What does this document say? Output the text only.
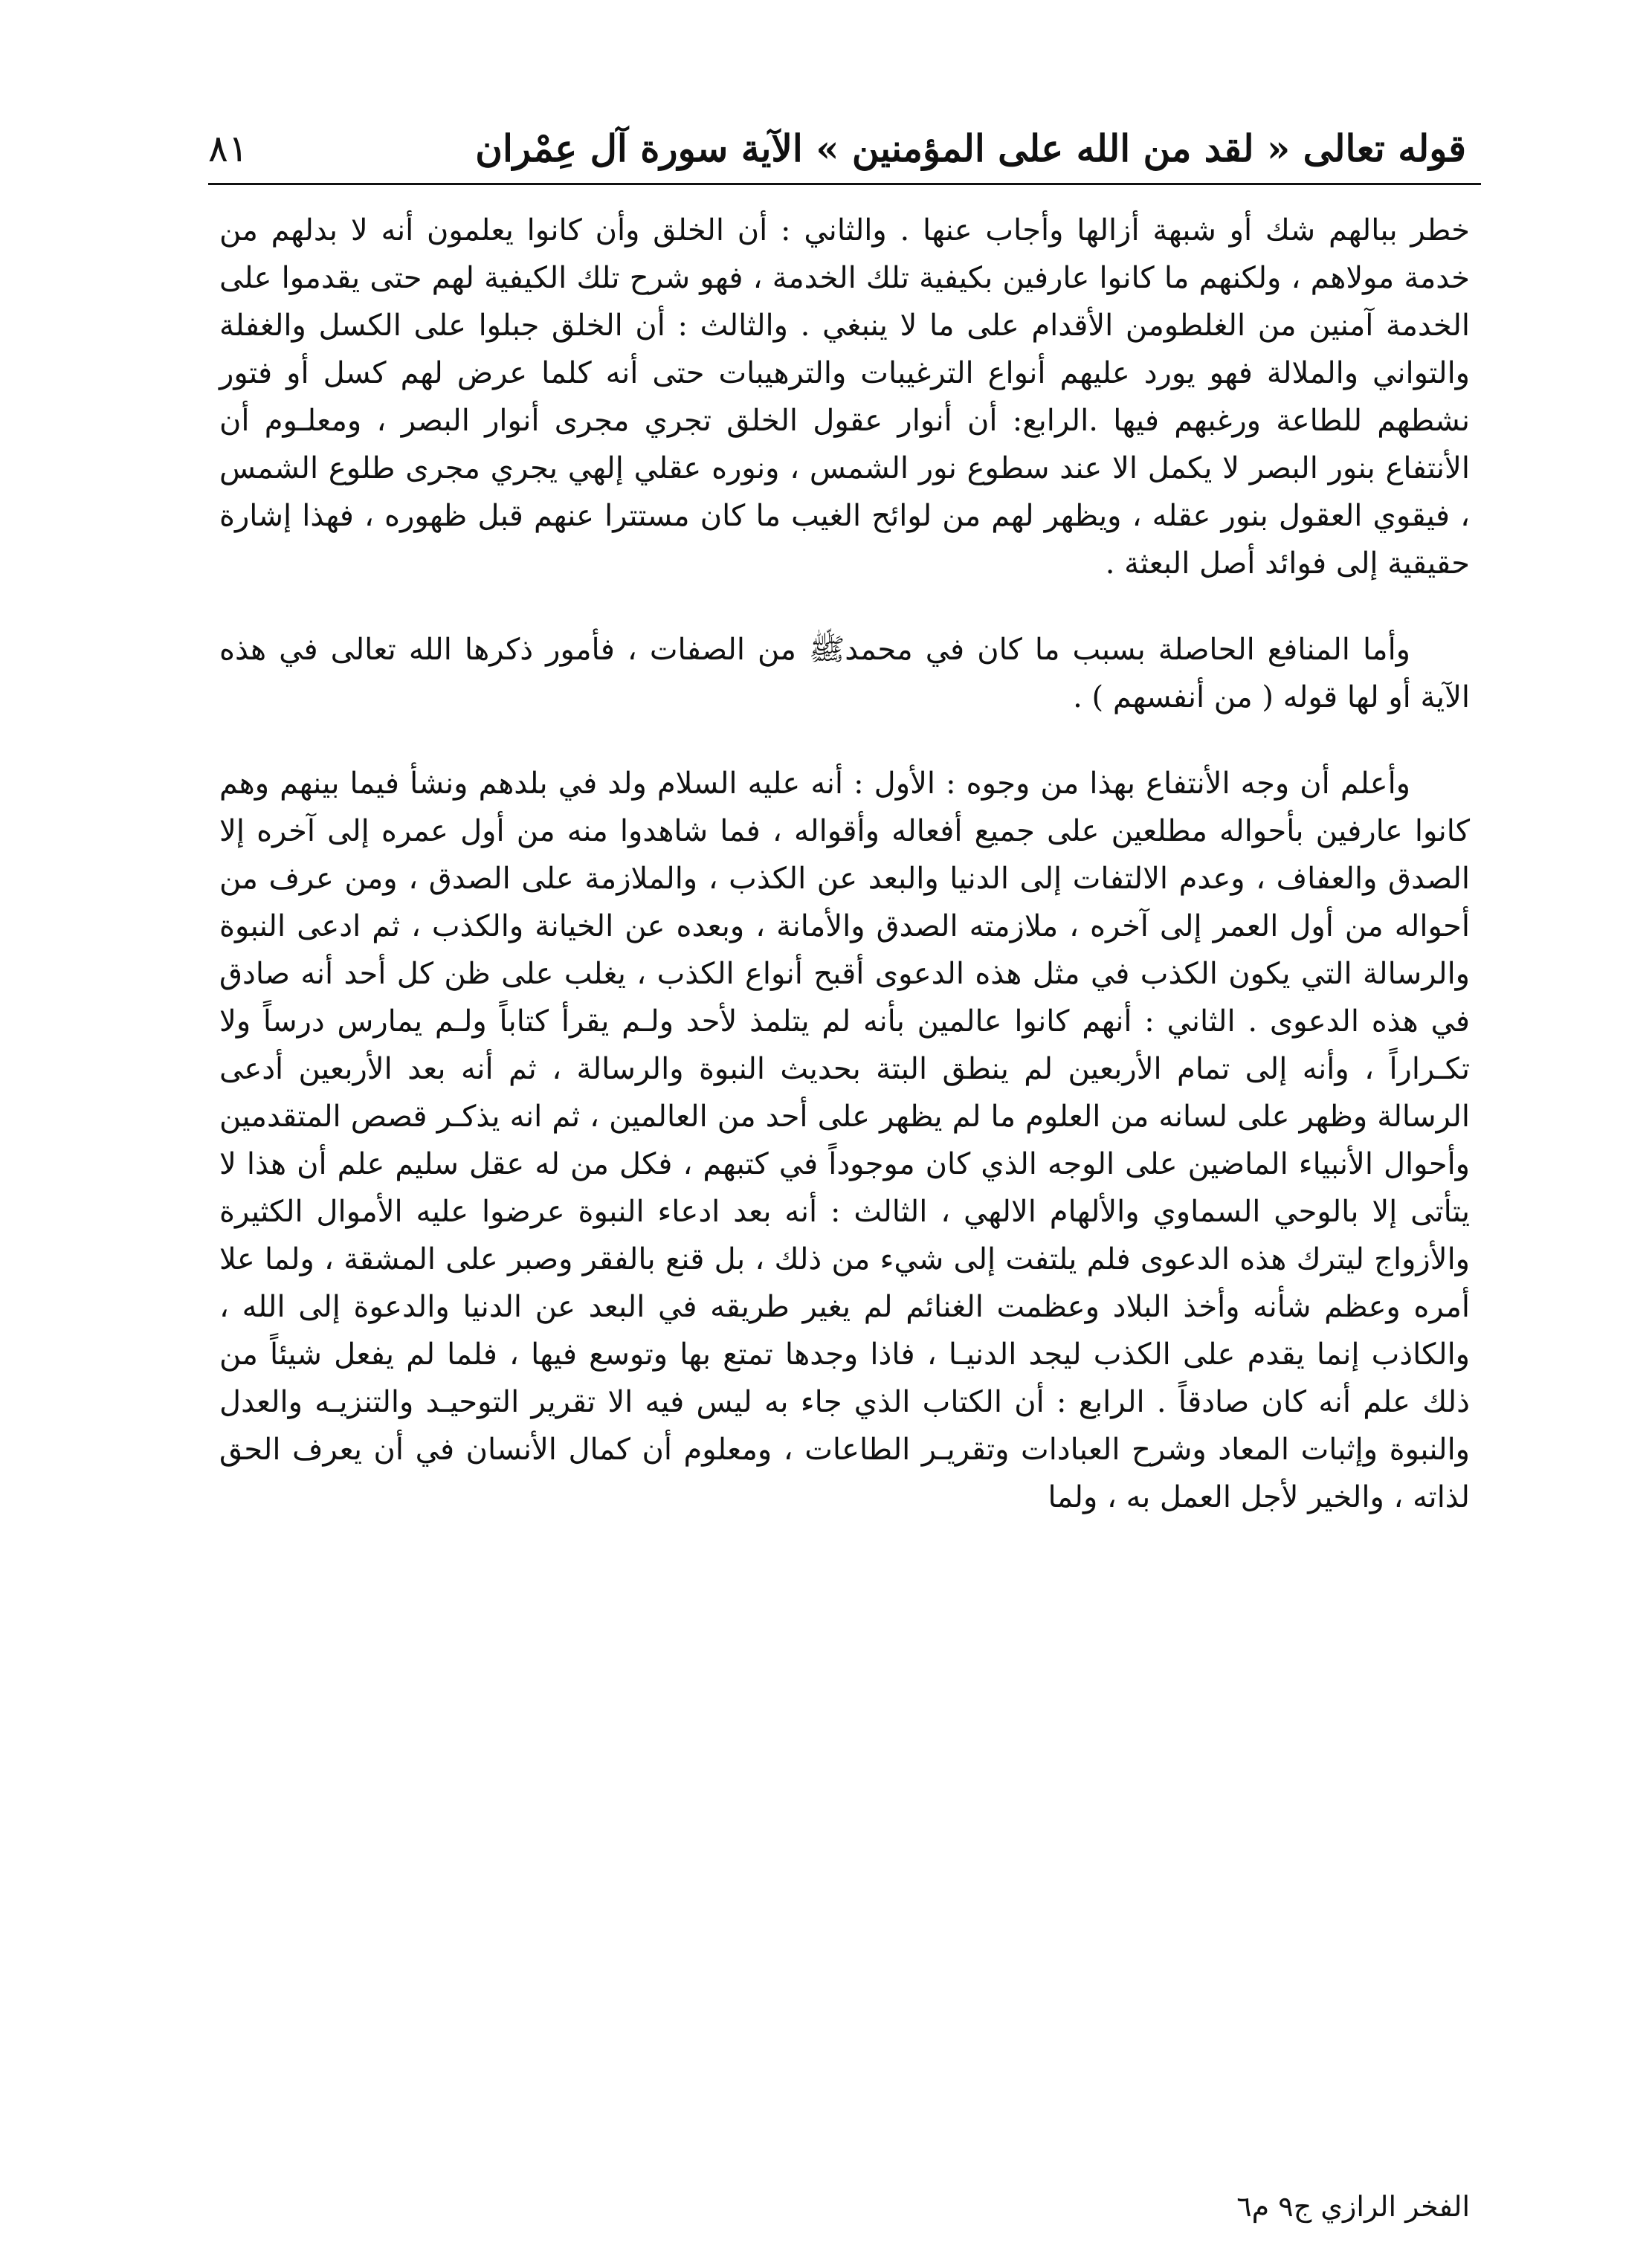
قوله تعالى « لقد من الله على المؤمنين » الآية سورة آل عِمْران
٨١

خطر ببالهم شك أو شبهة أزالها وأجاب عنها . والثاني : أن الخلق وأن كانوا يعلمون أنه لا بدلهم من خدمة مولاهم ، ولكنهم ما كانوا عارفين بكيفية تلك الخدمة ، فهو شرح تلك الكيفية لهم حتى يقدموا على الخدمة آمنين من الغلطومن الأقدام على ما لا ينبغي . والثالث : أن الخلق جبلوا على الكسل والغفلة والتواني والملالة فهو يورد عليهم أنواع الترغيبات والترهيبات حتى أنه كلما عرض لهم كسل أو فتور نشطهم للطاعة ورغبهم فيها .الرابع: أن أنوار عقول الخلق تجري مجرى أنوار البصر ، ومعلـوم أن الأنتفاع بنور البصر لا يكمل الا عند سطوع نور الشمس ، ونوره عقلي إلهي يجري مجرى طلوع الشمس ، فيقوي العقول بنور عقله ، ويظهر لهم من لوائح الغيب ما كان مستترا عنهم قبل ظهوره ، فهذا إشارة حقيقية إلى فوائد أصل البعثة .

وأما المنافع الحاصلة بسبب ما كان في محمدﷺ من الصفات ، فأمور ذكرها الله تعالى في هذه الآية أو لها قوله ( من أنفسهم ) .

وأعلم أن وجه الأنتفاع بهذا من وجوه : الأول : أنه عليه السلام ولد في بلدهم ونشأ فيما بينهم وهم كانوا عارفين بأحواله مطلعين على جميع أفعاله وأقواله ، فما شاهدوا منه من أول عمره إلى آخره إلا الصدق والعفاف ، وعدم الالتفات إلى الدنيا والبعد عن الكذب ، والملازمة على الصدق ، ومن عرف من أحواله من أول العمر إلى آخره ، ملازمته الصدق والأمانة ، وبعده عن الخيانة والكذب ، ثم ادعى النبوة والرسالة التي يكون الكذب في مثل هذه الدعوى أقبح أنواع الكذب ، يغلب على ظن كل أحد أنه صادق في هذه الدعوى . الثاني : أنهم كانوا عالمين بأنه لم يتلمذ لأحد ولـم يقرأ كتاباً ولـم يمارس درساً ولا تكـراراً ، وأنه إلى تمام الأربعين لم ينطق البتة بحديث النبوة والرسالة ، ثم أنه بعد الأربعين أدعى الرسالة وظهر على لسانه من العلوم ما لم يظهر على أحد من العالمين ، ثم انه يذكـر قصص المتقدمين وأحوال الأنبياء الماضين على الوجه الذي كان موجوداً في كتبهم ، فكل من له عقل سليم علم أن هذا لا يتأتى إلا بالوحي السماوي والألهام الالهي ، الثالث : أنه بعد ادعاء النبوة عرضوا عليه الأموال الكثيرة والأزواج ليترك هذه الدعوى فلم يلتفت إلى شيء من ذلك ، بل قنع بالفقر وصبر على المشقة ، ولما علا أمره وعظم شأنه وأخذ البلاد وعظمت الغنائم لم يغير طريقه في البعد عن الدنيا والدعوة إلى الله ، والكاذب إنما يقدم على الكذب ليجد الدنيـا ، فاذا وجدها تمتع بها وتوسع فيها ، فلما لم يفعل شيئاً من ذلك علم أنه كان صادقاً . الرابع : أن الكتاب الذي جاء به ليس فيه الا تقرير التوحيـد والتنزيـه والعدل والنبوة وإثبات المعاد وشرح العبادات وتقريـر الطاعات ، ومعلوم أن كمال الأنسان في أن يعرف الحق لذاته ، والخير لأجل العمل به ، ولما

الفخر الرازي ج٩ م٦
